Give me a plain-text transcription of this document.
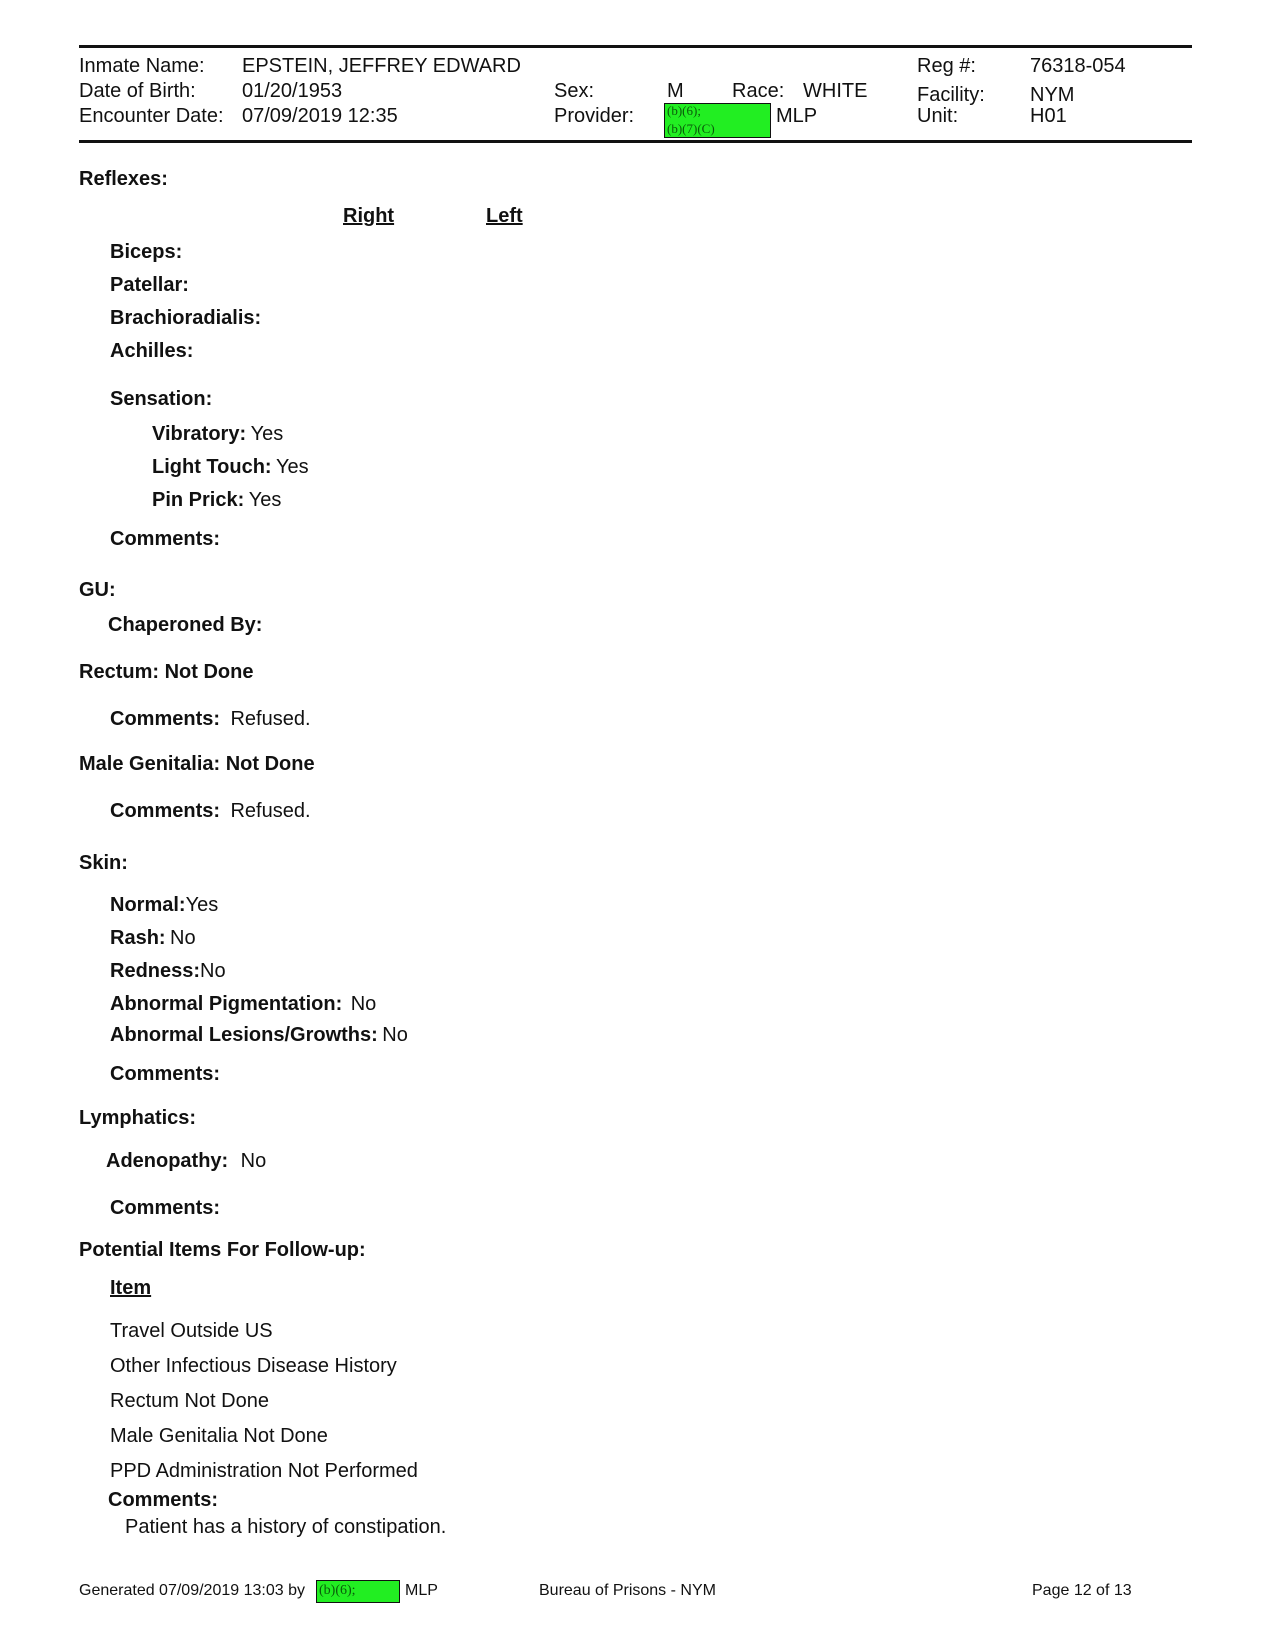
Inmate Name: EPSTEIN, JEFFREY EDWARD
Date of Birth: 01/20/1953
Encounter Date: 07/09/2019 12:35
Sex:	M Race: WHITE
Provider:	(b)(6);
(b)(7)(C)
MLP
Reg #:	76318-054
Facility: NYM
Unit:	H01
Reflexes:
Right	Left
Biceps:
Patellar:
Brachioradialis:
Achilles:
Sensation:
Vibratory: Yes
Light Touch: Yes
Pin Prick: Yes
Comments:
GU:
Chaperoned By:
Rectum: Not Done
Comments: Refused.
Male Genitalia: Not Done
Comments: Refused.
Skin:
Normal:Yes
Rash: No
Redness:No
Abnormal Pigmentation: No
Abnormal Lesions/Growths: No
Comments:
Lymphatics:
Adenopathy: No
Comments:
Potential Items For Follow-up:
Item
Travel Outside US
Other Infectious Disease History
Rectum Not Done
Male Genitalia Not Done
PPD Administration Not Performed
Comments:
Patient has a history of constipation.
Generated 07/09/2019 13:03 by (b)(6);	MLP	Bureau of Prisons - NYM	Page 12 of 13
